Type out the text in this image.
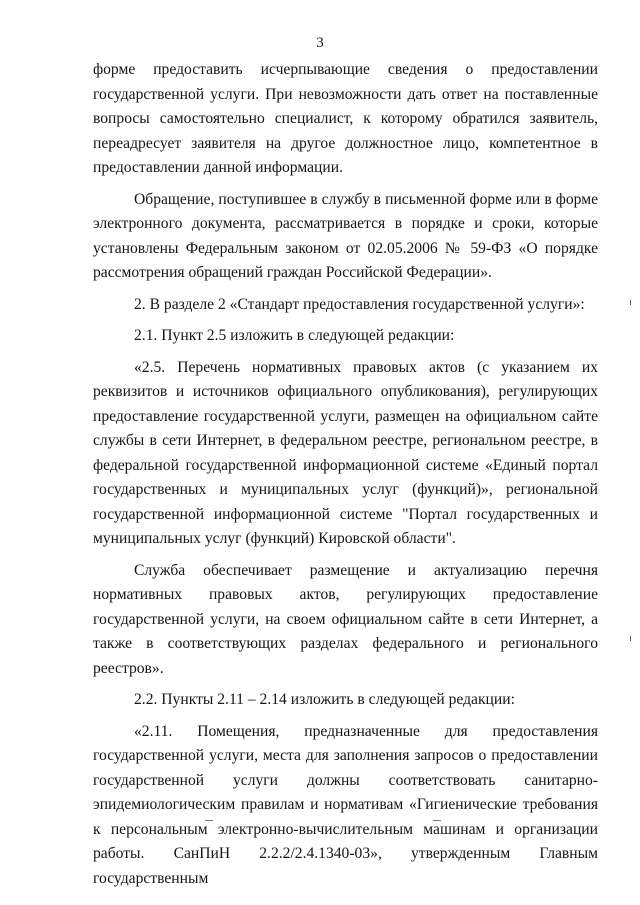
3

форме предоставить исчерпывающие сведения о предоставлении государственной услуги. При невозможности дать ответ на поставленные вопросы самостоятельно специалист, к которому обратился заявитель, переадресует заявителя на другое должностное лицо, компетентное в предоставлении данной информации.

Обращение, поступившее в службу в письменной форме или в форме электронного документа, рассматривается в порядке и сроки, которые установлены Федеральным законом от 02.05.2006 № 59-ФЗ «О порядке рассмотрения обращений граждан Российской Федерации».

2. В разделе 2 «Стандарт предоставления государственной услуги»:

2.1. Пункт 2.5 изложить в следующей редакции:

«2.5. Перечень нормативных правовых актов (с указанием их реквизитов и источников официального опубликования), регулирующих предоставление государственной услуги, размещен на официальном сайте службы в сети Интернет, в федеральном реестре, региональном реестре, в федеральной государственной информационной системе «Единый портал государственных и муниципальных услуг (функций)», региональной государственной информационной системе "Портал государственных и муниципальных услуг (функций) Кировской области".

Служба обеспечивает размещение и актуализацию перечня нормативных правовых актов, регулирующих предоставление государственной услуги, на своем официальном сайте в сети Интернет, а также в соответствующих разделах федерального и регионального реестров».

2.2. Пункты 2.11 – 2.14 изложить в следующей редакции:

«2.11. Помещения, предназначенные для предоставления государственной услуги, места для заполнения запросов о предоставлении государственной услуги должны соответствовать санитарно-эпидемиологическим правилам и нормативам «Гигиенические требования к персональным электронно-вычислительным машинам и организации работы. СанПиН 2.2.2/2.4.1340-03», утвержденным Главным государственным
